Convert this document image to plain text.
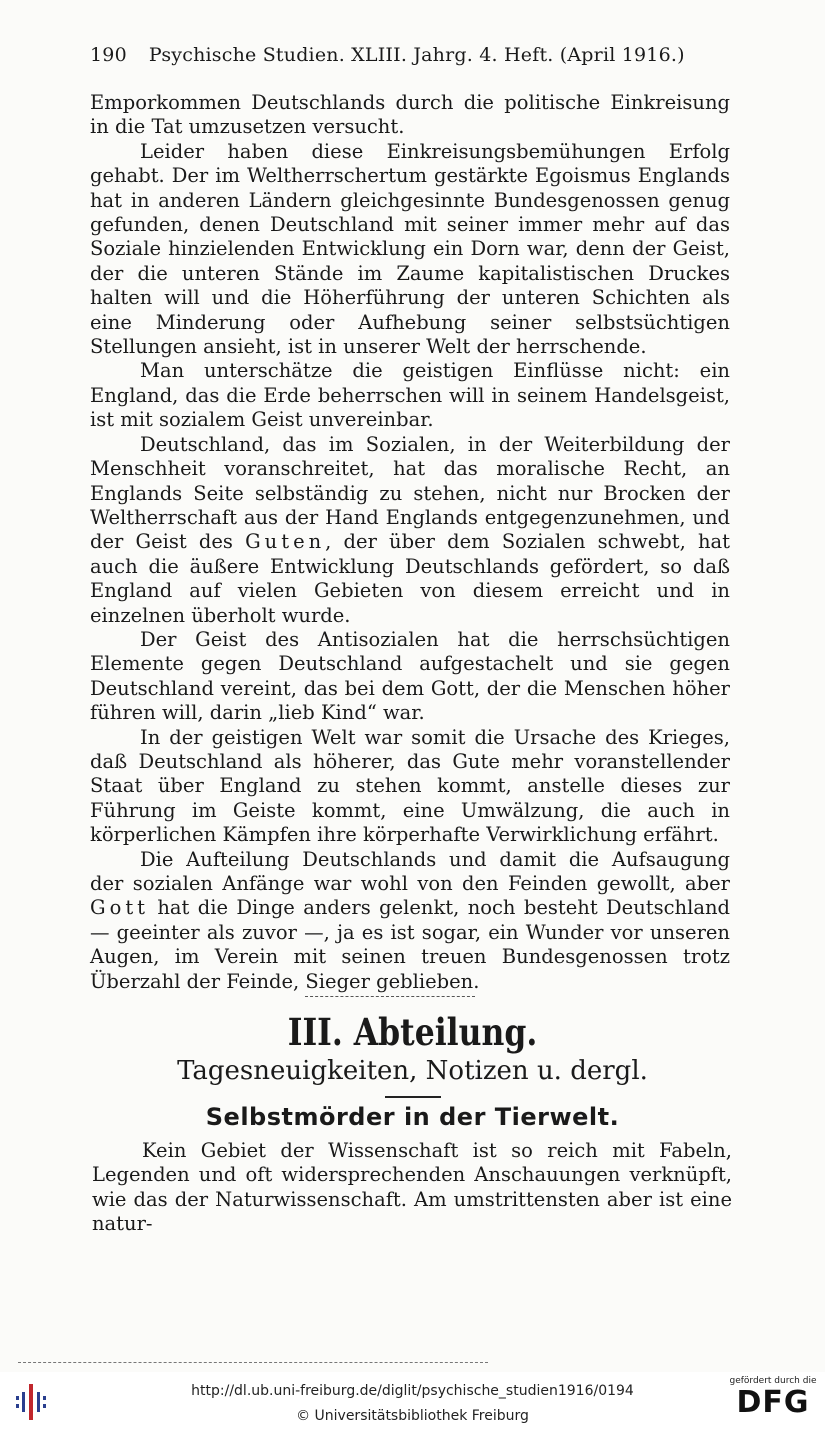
190 Psychische Studien. XLIII. Jahrg. 4. Heft. (April 1916.)

Emporkommen Deutschlands durch die politische Einkreisung in die Tat umzusetzen versucht.

Leider haben diese Einkreisungsbemühungen Erfolg gehabt. Der im Weltherrschertum gestärkte Egoismus Englands hat in anderen Ländern gleichgesinnte Bundesgenossen genug gefunden, denen Deutschland mit seiner immer mehr auf das Soziale hinzielenden Entwicklung ein Dorn war, denn der Geist, der die unteren Stände im Zaume kapitalistischen Druckes halten will und die Höherführung der unteren Schichten als eine Minderung oder Aufhebung seiner selbstsüchtigen Stellungen ansieht, ist in unserer Welt der herrschende.

Man unterschätze die geistigen Einflüsse nicht: ein England, das die Erde beherrschen will in seinem Handelsgeist, ist mit sozialem Geist unvereinbar.

Deutschland, das im Sozialen, in der Weiterbildung der Menschheit voranschreitet, hat das moralische Recht, an Englands Seite selbständig zu stehen, nicht nur Brocken der Weltherrschaft aus der Hand Englands entgegenzunehmen, und der Geist des Guten, der über dem Sozialen schwebt, hat auch die äußere Entwicklung Deutschlands gefördert, so daß England auf vielen Gebieten von diesem erreicht und in einzelnen überholt wurde.

Der Geist des Antisozialen hat die herrschsüchtigen Elemente gegen Deutschland aufgestachelt und sie gegen Deutschland vereint, das bei dem Gott, der die Menschen höher führen will, darin „lieb Kind“ war.

In der geistigen Welt war somit die Ursache des Krieges, daß Deutschland als höherer, das Gute mehr voranstellender Staat über England zu stehen kommt, anstelle dieses zur Führung im Geiste kommt, eine Umwälzung, die auch in körperlichen Kämpfen ihre körperhafte Verwirklichung erfährt.

Die Aufteilung Deutschlands und damit die Aufsaugung der sozialen Anfänge war wohl von den Feinden gewollt, aber Gott hat die Dinge anders gelenkt, noch besteht Deutschland — geeinter als zuvor —, ja es ist sogar, ein Wunder vor unseren Augen, im Verein mit seinen treuen Bundesgenossen trotz Überzahl der Feinde, Sieger geblieben.

III. Abteilung.
Tagesneuigkeiten, Notizen u. dergl.
Selbstmörder in der Tierwelt.

Kein Gebiet der Wissenschaft ist so reich mit Fabeln, Legenden und oft widersprechenden Anschauungen verknüpft, wie das der Naturwissenschaft. Am umstrittensten aber ist eine natur-

http://dl.ub.uni-freiburg.de/diglit/psychische_studien1916/0194
© Universitätsbibliothek Freiburg
gefördert durch die
DFG
